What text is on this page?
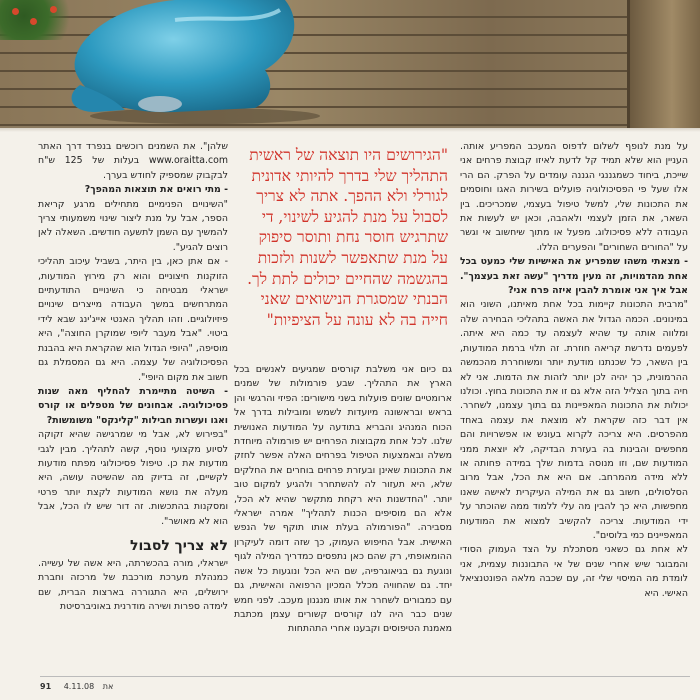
"הגירושים היו תוצאה של ראשית התהליך שלי בדרך להיותי אדונית לגורלי ולא ההפך. אתה לא צריך לסבול על מנת להגיע לשינוי, די שתרגיש חוסר נחת ותוסר סיפוק על מנת שתאפשר לשנות ולזכות בהגשמה שהחיים יכולים לתת לך. הבנתי שמסגרת הנישואים שאני חייה בה לא עונה על הציפיות"

על מנת לנופף לשלום לדפוס המעכב המפריע אותה. העניין הוא שלא תמיד קל לדעת לאיזו קבוצת פרחים אני שייכת, ביחוד כשמגננגי הגננה עומדים על הפרק. הם הרי אלו שעל פי הפסיכולוגיה פועלים בשירות האגו וחוסמים את התכונות שלי, למשל טיפול בעצמי, שמכריכים. בין השאר, את הזמן לעצמי ולאהבה, וכאן יש לעשות את העבודה ללא פסיכולוג. מפעל או מתוך שיחשוב אי וגשר על "החורים השחורים" והפערים הללו.

- מצאתי משהו שמפריע את האישיות שלי כמעט בכל אחת מהדמויות, זה מעין מדריך "עשה זאת בעצמך". אבל איך אני אומרת להבין איזה פרח אני?

"מרבית התכונות קיימות בכל אחת מאיתנו, השוני הוא במינונים. הכמה הגדול את האשה בתהליכי הבחירה שלה ומלווה אותה עד שהיא לעצמה עד כמה היא איתה. לפעמים נדרשת קריאה חוזרת. זה תלוי ברמת המודעות, בין השאר, כל שכנתנו מודעת יותר ומשוחררת מהכמשה ההרמונית, כך יהיה לכן יותר לזהות את הדמות. אני לא חיה בתוך הצליל הזה אלא גם זו את התכונות בחוץ. וכולנו יכולות את התכונות המאפיינות גם בתוך עצמנו, לשחרר. אין דבר כזה שקראת לא מוצאת את עצמה באחד מהפרסים. היא צריכה לקרוא בעונש או אפשרויות והם מחפשים והבינות בה בעזרת הבדיקה, לא יוצאת ממני המודעות שם, וזו מנוסה בדמות שלך במידה פחותה או ללא מידה מהמרחב. אם היא את הכל, אבל מרוב הסלסולים, חשוב גם את המילה העיקרית לאישה שאנו מחפשות, היא כך להבין מה עלי ללמוד ממה שהוכתר על ידי המודעות. צריכה להקשיב למצוא את המודעות המאפיינים כמי בלוסים".

לא אחת גם כשאני מסתכלת על הצד העמוק הסודי והמבוגר שיש אחרי שנים של אי התבוננות עצמית, אני לומדת מה המיסוי שלי זה, עם שכבה מלאה הפונטנציאל האישי. היא

גם כיום אני משלבת קורסים שמגיעים לאנשים בכל הארץ את התהליך. שבע פורמולות של שמנים ארומטיים שונים פועלות בשני מישורים: הפיזי והרגשי והן בראש ובראשונה מיועדות לשמש ומובילות בדרך אל הכוח המנהיג והבריא בתודעה על המודעות האנושית שלנו. לכל אחת מקבוצות הפרחים יש פורמולה מיוחדת משלה ובאמצעות הטיפול בפרחים האלה אפשר לחזק את התכונות שאינן ובעזרת פרחים בוחרים את החלקים שלא, היא תעזור לה להשתחרר ולהגיע למקום טוב יותר. "החדשנות היא רקחת מתקשר שהיא לא הכל, אלא הם מוסיפים הכנות לתהליך" אמרה ישראלי מסבירה. "הפורמולה בעלת אותו תוקף של הנפש האישית. אבל החיפוש העמוק, כך שזה דומה לעיקרון ההומאופתי, רק שהם כאן נתפסים כמדריך המילה לגוף ונוגעת גם בגיאוגרפיה, שם היא הכל ונוגעות כל אשה יחד. גם שהחוויה מכלל המכיון הרפואה והאישית, גם עם כמבורים לשחרר את אותו מנגנון מעכב. לפני חמש שנים כבר היה לנו קורסים קשורים עצמן מכתבת מאמנת הטיפוסים וקבענו אחרי התהתחות

שלהן". את השמנים רוכשים בנפרד דרך האתר www.oraitta.com בעלות של 125 ש"ח לבקבוק שמספיק לחודש בערך.

- מתי רואים את תוצאות המהפך?

"השינויים הפנימיים מתחילים מרגע קריאת הספר, אבל על מנת ליצור שינוי משמעותי צריך להמשיך עם השמן לתשעה חודשים. השאלה לאן רוצים להגיע".

- אם אתן כאן, בין היתר, בשביל עיכוב תהליכי הזוקנות חיצוניים והוא רק מירוץ המודעות, ישראלי מבטיחה כי השינויים התודעתיים המתרחשים במשך העבודה מייצרים שינויים פיזיולוגיים. וזהו תהליך האנטי אייג'ינג שבא לידי ביטוי. "אבל מעבר ליופי שמוקרן החוצה", היא מוסיפה, "היופי הגדול הוא שהקראת היא בהבנת הפסיכולוגיה של עצמה. היא גם המסמלת גם חשוב את מקום היופי".

- השיטה מתיימרת להחליף מאה שנות פסיכולוגיה. אבחונים של מטפלים או קורס ואגו ועשרות חבילות "קלינקס" משומשות?

"בפירוש לא, אבל מי שמרגישה שהיא זקוקה לסיוע מקצועי נוסף, קשה לתהליך. מבין לגבי מודעות את כן. טיפול פסיכולוגי מפתח מודעות לקשיים, זה בדיוק מה שהשיטה עושה, היא מעלה את נושא המודעות לקצת יותר פרטי ומסקנות בהתכשות. זה דור שיש לו הכל, אבל הוא לא מאושר".

לא צריך לסבול

ישראלי, מורה בהכשרתה, היא אשה של עשייה. כמנהלת מערכת מורכבת של מרכזה וחברת ירושלים, היא התגוררה בארצות הברית, שם לימדה ספרות ושירה מודרנית באוניברסיטת

91 4.11.08 את
